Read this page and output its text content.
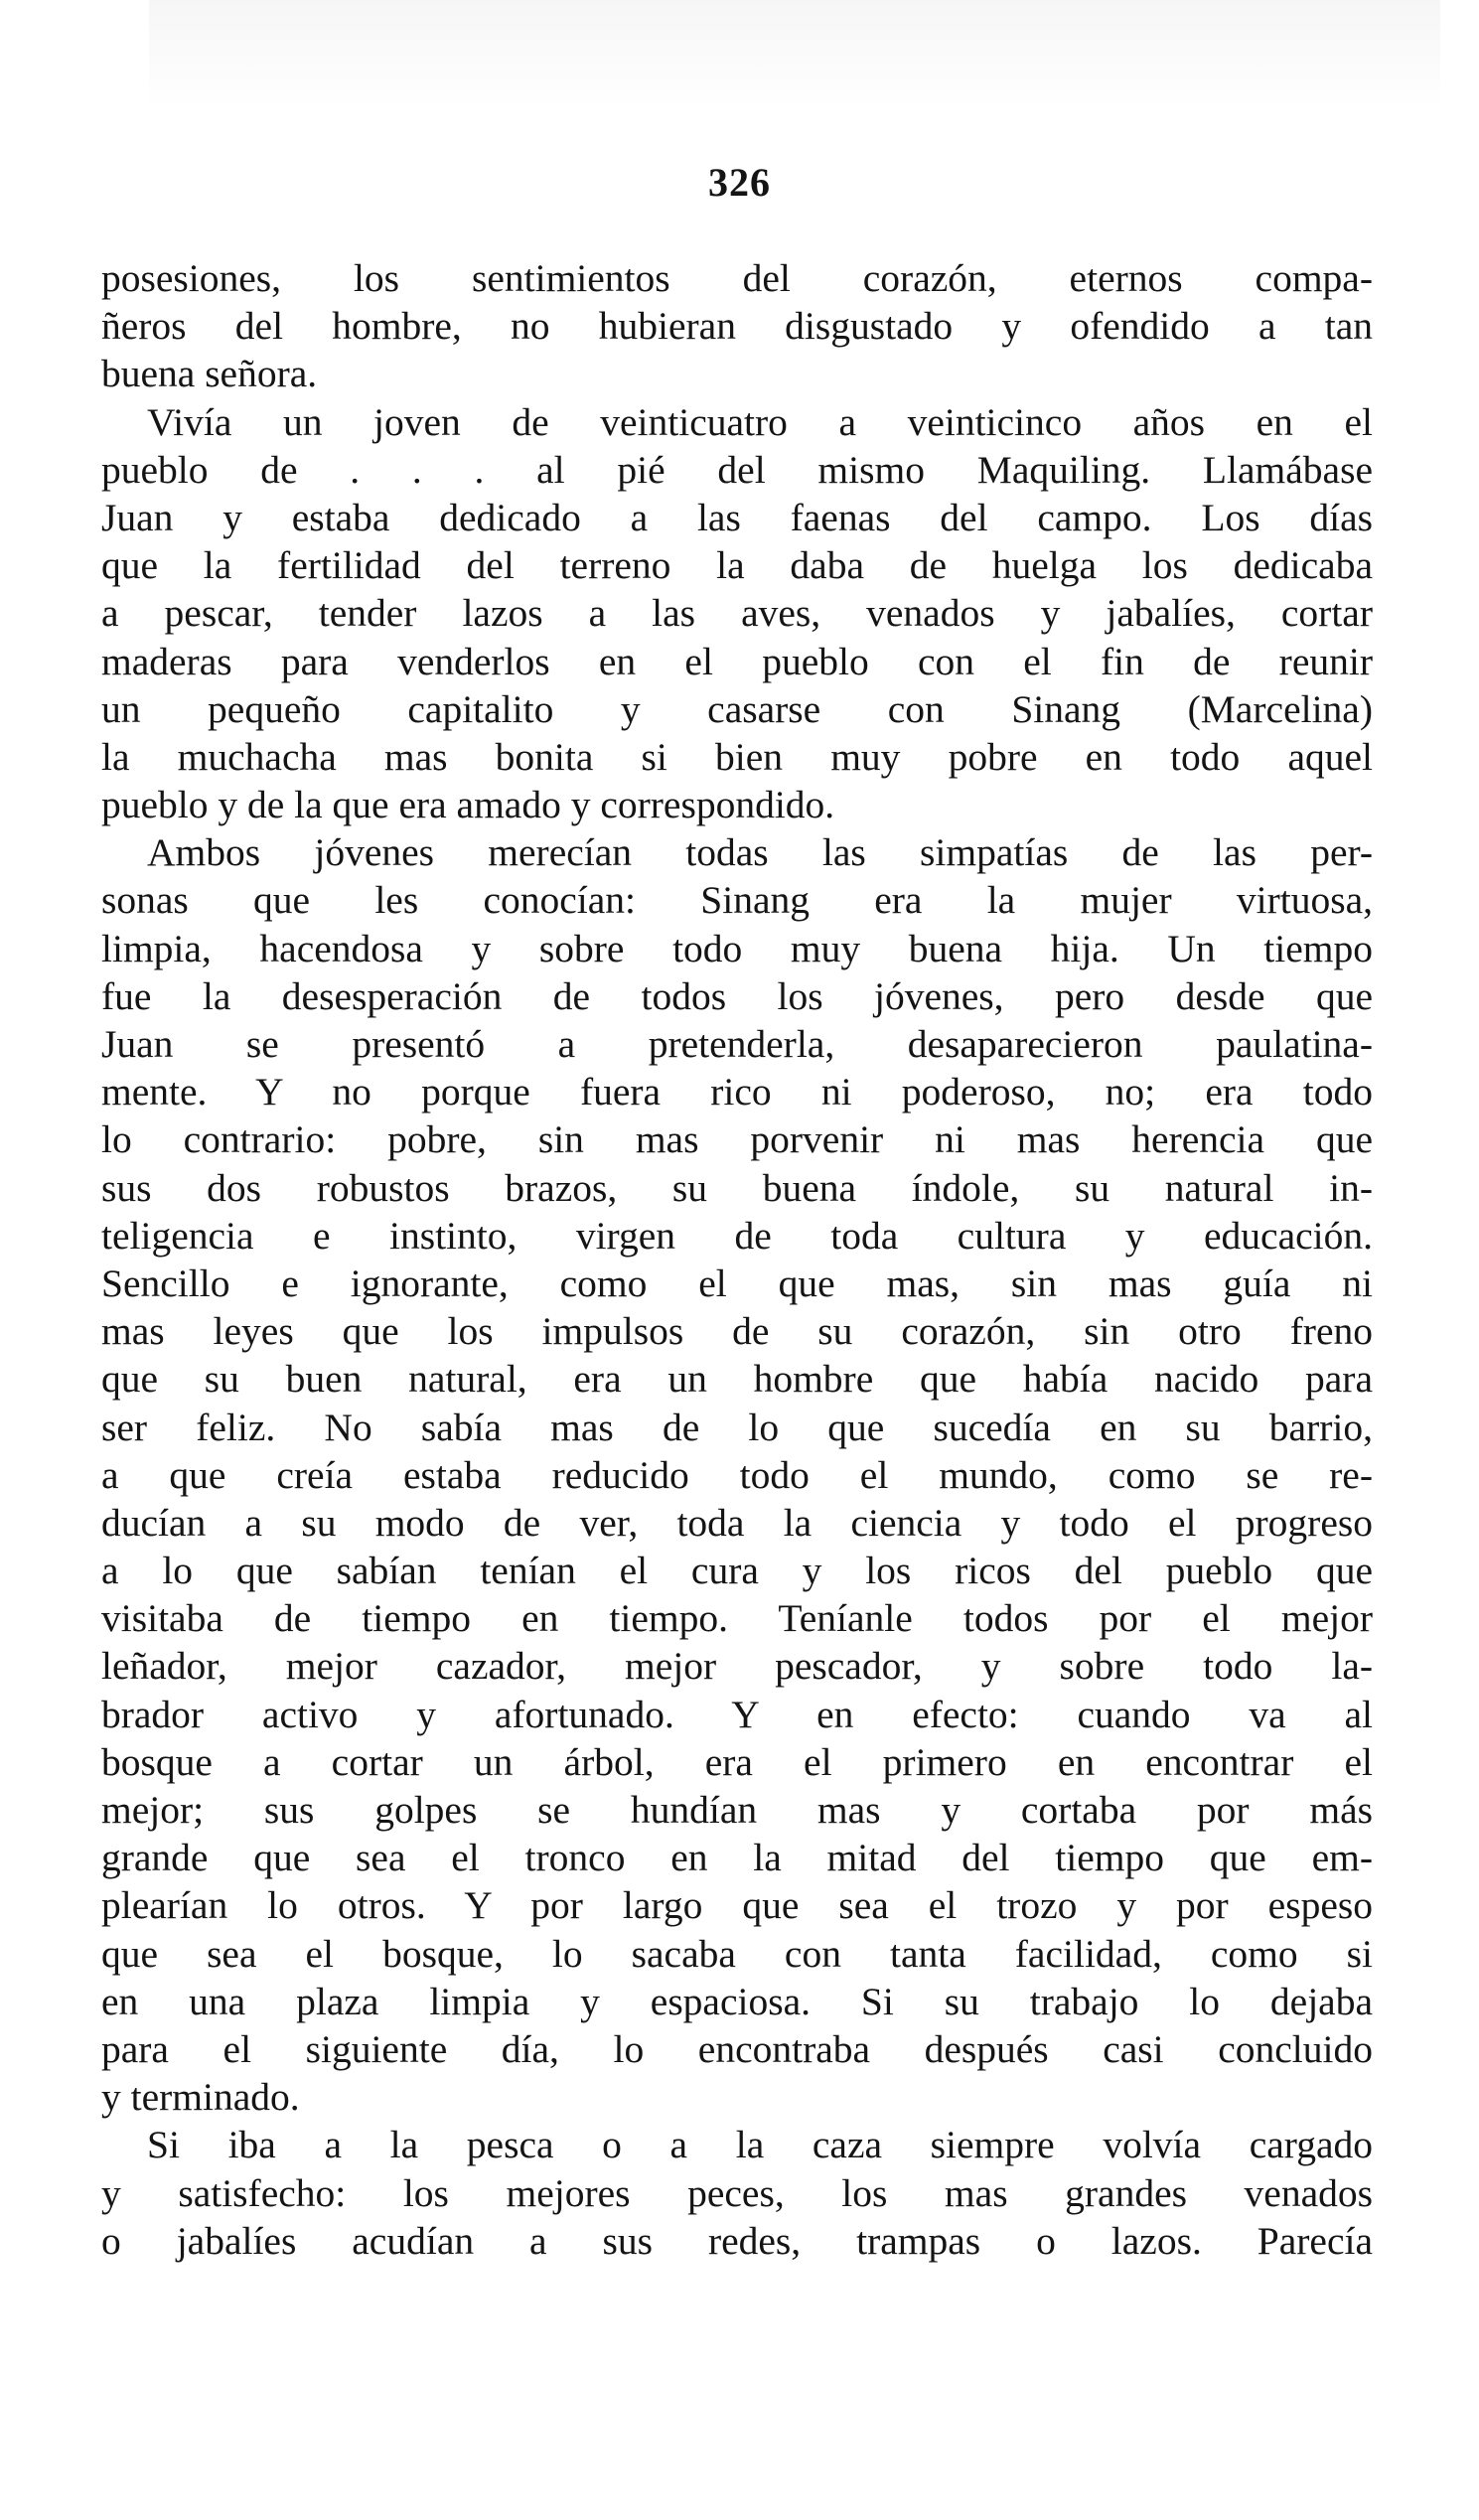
326
posesiones, los sentimientos del corazón, eternos compa-
ñeros del hombre, no hubieran disgustado y ofendido a tan
buena señora.
Vivía un joven de veinticuatro a veinticinco años en el
pueblo de . . . al pié del mismo Maquiling. Llamábase
Juan y estaba dedicado a las faenas del campo. Los días
que la fertilidad del terreno la daba de huelga los dedicaba
a pescar, tender lazos a las aves, venados y jabalíes, cortar
maderas para venderlos en el pueblo con el fin de reunir
un pequeño capitalito y casarse con Sinang (Marcelina)
la muchacha mas bonita si bien muy pobre en todo aquel
pueblo y de la que era amado y correspondido.
Ambos jóvenes merecían todas las simpatías de las per-
sonas que les conocían: Sinang era la mujer virtuosa,
limpia, hacendosa y sobre todo muy buena hija. Un tiempo
fue la desesperación de todos los jóvenes, pero desde que
Juan se presentó a pretenderla, desaparecieron paulatina-
mente. Y no porque fuera rico ni poderoso, no; era todo
lo contrario: pobre, sin mas porvenir ni mas herencia que
sus dos robustos brazos, su buena índole, su natural in-
teligencia e instinto, virgen de toda cultura y educación.
Sencillo e ignorante, como el que mas, sin mas guía ni
mas leyes que los impulsos de su corazón, sin otro freno
que su buen natural, era un hombre que había nacido para
ser feliz. No sabía mas de lo que sucedía en su barrio,
a que creía estaba reducido todo el mundo, como se re-
ducían a su modo de ver, toda la ciencia y todo el progreso
a lo que sabían tenían el cura y los ricos del pueblo que
visitaba de tiempo en tiempo. Teníanle todos por el mejor
leñador, mejor cazador, mejor pescador, y sobre todo la-
brador activo y afortunado. Y en efecto: cuando va al
bosque a cortar un árbol, era el primero en encontrar el
mejor; sus golpes se hundían mas y cortaba por más
grande que sea el tronco en la mitad del tiempo que em-
plearían lo otros. Y por largo que sea el trozo y por espeso
que sea el bosque, lo sacaba con tanta facilidad, como si
en una plaza limpia y espaciosa. Si su trabajo lo dejaba
para el siguiente día, lo encontraba después casi concluido
y terminado.
Si iba a la pesca o a la caza siempre volvía cargado
y satisfecho: los mejores peces, los mas grandes venados
o jabalíes acudían a sus redes, trampas o lazos. Parecía
